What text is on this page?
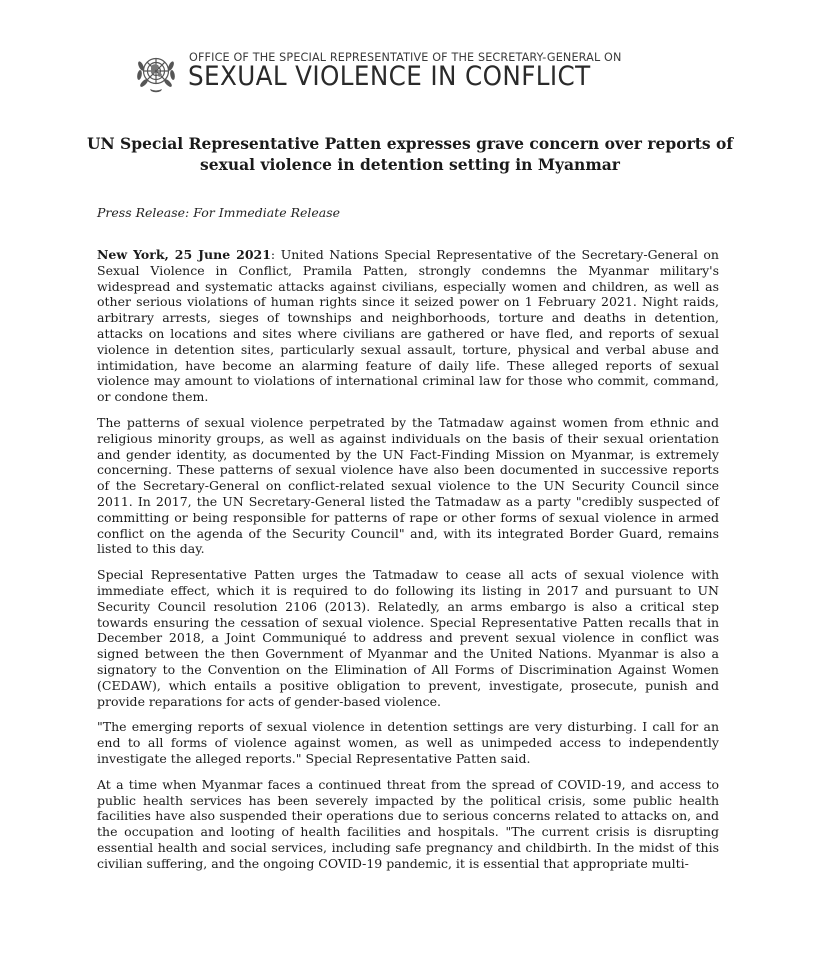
OFFICE OF THE SPECIAL REPRESENTATIVE OF THE SECRETARY-GENERAL ON
SEXUAL VIOLENCE IN CONFLICT
UN Special Representative Patten expresses grave concern over reports of sexual violence in detention setting in Myanmar
Press Release: For Immediate Release

New York, 25 June 2021: United Nations Special Representative of the Secretary-General on Sexual Violence in Conflict, Pramila Patten, strongly condemns the Myanmar military's widespread and systematic attacks against civilians, especially women and children, as well as other serious violations of human rights since it seized power on 1 February 2021. Night raids, arbitrary arrests, sieges of townships and neighborhoods, torture and deaths in detention, attacks on locations and sites where civilians are gathered or have fled, and reports of sexual violence in detention sites, particularly sexual assault, torture, physical and verbal abuse and intimidation, have become an alarming feature of daily life. These alleged reports of sexual violence may amount to violations of international criminal law for those who commit, command, or condone them.

The patterns of sexual violence perpetrated by the Tatmadaw against women from ethnic and religious minority groups, as well as against individuals on the basis of their sexual orientation and gender identity, as documented by the UN Fact-Finding Mission on Myanmar, is extremely concerning. These patterns of sexual violence have also been documented in successive reports of the Secretary-General on conflict-related sexual violence to the UN Security Council since 2011. In 2017, the UN Secretary-General listed the Tatmadaw as a party "credibly suspected of committing or being responsible for patterns of rape or other forms of sexual violence in armed conflict on the agenda of the Security Council" and, with its integrated Border Guard, remains listed to this day.

Special Representative Patten urges the Tatmadaw to cease all acts of sexual violence with immediate effect, which it is required to do following its listing in 2017 and pursuant to UN Security Council resolution 2106 (2013). Relatedly, an arms embargo is also a critical step towards ensuring the cessation of sexual violence. Special Representative Patten recalls that in December 2018, a Joint Communiqué to address and prevent sexual violence in conflict was signed between the then Government of Myanmar and the United Nations. Myanmar is also a signatory to the Convention on the Elimination of All Forms of Discrimination Against Women (CEDAW), which entails a positive obligation to prevent, investigate, prosecute, punish and provide reparations for acts of gender-based violence.

"The emerging reports of sexual violence in detention settings are very disturbing. I call for an end to all forms of violence against women, as well as unimpeded access to independently investigate the alleged reports." Special Representative Patten said.

At a time when Myanmar faces a continued threat from the spread of COVID-19, and access to public health services has been severely impacted by the political crisis, some public health facilities have also suspended their operations due to serious concerns related to attacks on, and the occupation and looting of health facilities and hospitals. "The current crisis is disrupting essential health and social services, including safe pregnancy and childbirth. In the midst of this civilian suffering, and the ongoing COVID-19 pandemic, it is essential that appropriate multi-
